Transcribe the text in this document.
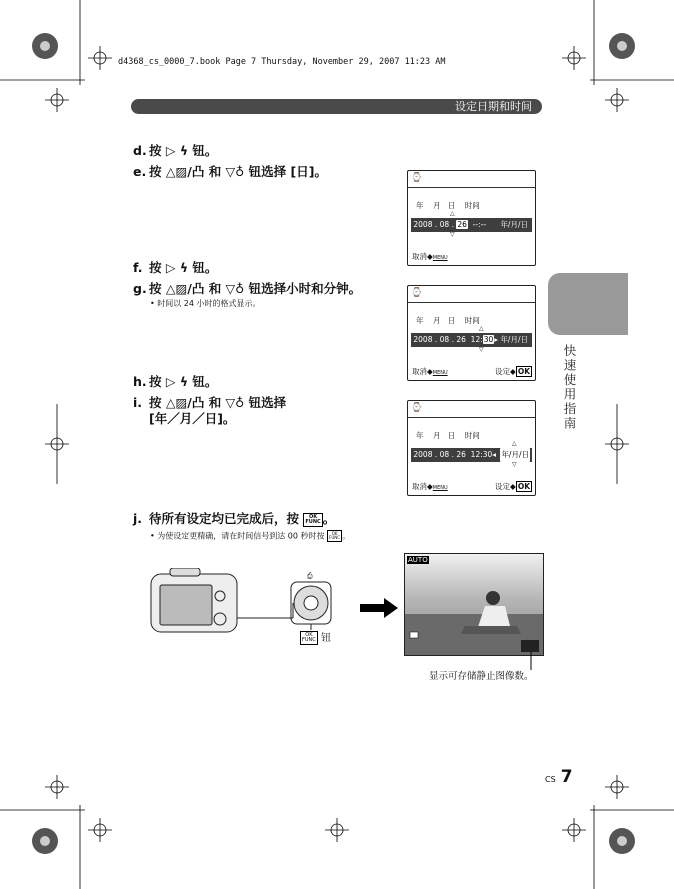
d4368_cs_0000_7.book Page 7 Thursday, November 29, 2007 11:23 AM
设定日期和时间
d. 按 ▷ ϟ 钮。
e. 按 △▨/凸 和 ▽♁ 钮选择 [日]。
f. 按 ▷ ϟ 钮。
g. 按 △▨/凸 和 ▽♁ 钮选择小时和分钟。
• 时间以 24 小时的格式显示。
h. 按 ▷ ϟ 钮。
i. 按 △▨/凸 和 ▽♁ 钮选择
[年／月／日]。
j. 待所有设定均已完成后，按 OK
FUNC 。
• 为使设定更精确，请在时间信号到达 00 秒时按 OK
FUNC 。
⌚
年 月 日 时间
△
2008 . 08 . 26 --:-- 年/月/日
▽
取消◆MENU
⌚
年 月 日 时间
△
2008 . 08 . 26 12:30▸ 年/月/日
▽
取消◆MENU	设定◆ OK
⌚
年 月 日 时间
△
2008 . 08 . 26 12:30◂ 年/月/日
▽
取消◆MENU	设定◆ OK
快速使用指南
⎙
OK
FUNC 钮
AUTO
显示可存储静止图像数。
CS 7
